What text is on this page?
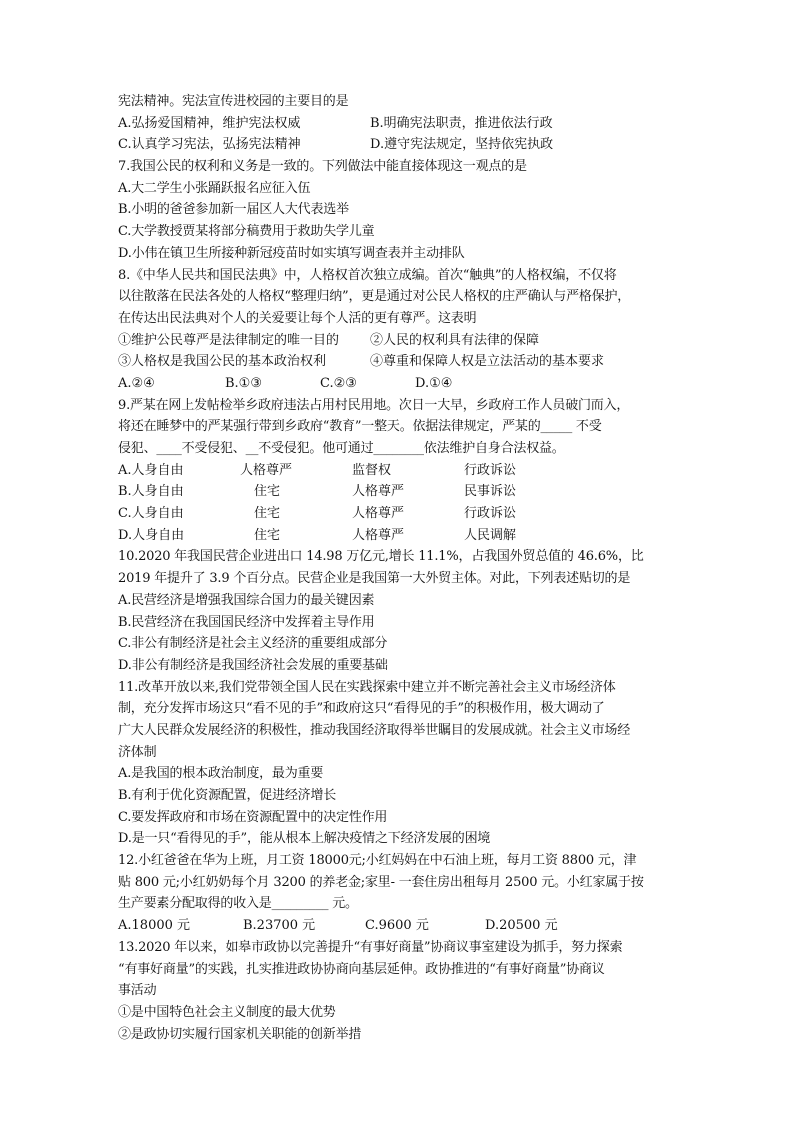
宪法精神。宪法宣传进校园的主要目的是
A.弘扬爱国精神，维护宪法权威	B.明确宪法职责，推进依法行政
C.认真学习宪法，弘扬宪法精神	D.遵守宪法规定，坚持依宪执政
7.我国公民的权利和义务是一致的。下列做法中能直接体现这一观点的是
A.大二学生小张踊跃报名应征入伍
B.小明的爸爸参加新一届区人大代表选举
C.大学教授贾某将部分稿费用于救助失学儿童
D.小伟在镇卫生所接种新冠疫苗时如实填写调查表并主动排队
8.《中华人民共和国民法典》中，人格权首次独立成编。首次“触典”的人格权编，不仅将
以往散落在民法各处的人格权“整理归纳”，更是通过对公民人格权的庄严确认与严格保护，
在传达出民法典对个人的关爱要让每个人活的更有尊严。这表明
①维护公民尊严是法律制定的唯一目的	②人民的权利具有法律的保障
③人格权是我国公民的基本政治权利	④尊重和保障人权是立法活动的基本要求
A.②④	B.①③	C.②③	D.①④
9.严某在网上发帖检举乡政府违法占用村民用地。次日一大早，乡政府工作人员破门而入，
将还在睡梦中的严某强行带到乡政府“教育”一整天。依据法律规定，严某的_____ 不受
侵犯、____不受侵犯、__不受侵犯。他可通过________依法维护自身合法权益。
A.人身自由	人格尊严	监督权	行政诉讼
B.人身自由	住宅	人格尊严	民事诉讼
C.人身自由	住宅	人格尊严	行政诉讼
D.人身自由	住宅	人格尊严	人民调解
10.2020 年我国民营企业进出口 14.98 万亿元,增长 11.1%，占我国外贸总值的 46.6%，比
2019 年提升了 3.9 个百分点。民营企业是我国第一大外贸主体。对此，下列表述贴切的是
A.民营经济是增强我国综合国力的最关键因素
B.民营经济在我国国民经济中发挥着主导作用
C.非公有制经济是社会主义经济的重要组成部分
D.非公有制经济是我国经济社会发展的重要基础
11.改革开放以来,我们党带领全国人民在实践探索中建立并不断完善社会主义市场经济体
制，充分发挥市场这只“看不见的手”和政府这只“看得见的手”的积极作用，极大调动了
广大人民群众发展经济的积极性，推动我国经济取得举世瞩目的发展成就。社会主义市场经
济体制
A.是我国的根本政治制度，最为重要
B.有利于优化资源配置，促进经济增长
C.要发挥政府和市场在资源配置中的决定性作用
D.是一只“看得见的手”，能从根本上解决疫情之下经济发展的困境
12.小红爸爸在华为上班，月工资 18000元;小红妈妈在中石油上班，每月工资 8800 元，津
贴 800 元;小红奶奶每个月 3200 的养老金;家里- 一套住房出租每月 2500 元。小红家属于按
生产要素分配取得的收入是_________ 元。
A.18000 元	B.23700 元	C.9600 元	D.20500 元
13.2020 年以来，如皋市政协以完善提升“有事好商量”协商议事室建设为抓手，努力探索
“有事好商量”的实践，扎实推进政协协商向基层延伸。政协推进的“有事好商量”协商议
事活动
①是中国特色社会主义制度的最大优势
②是政协切实履行国家机关职能的创新举措
